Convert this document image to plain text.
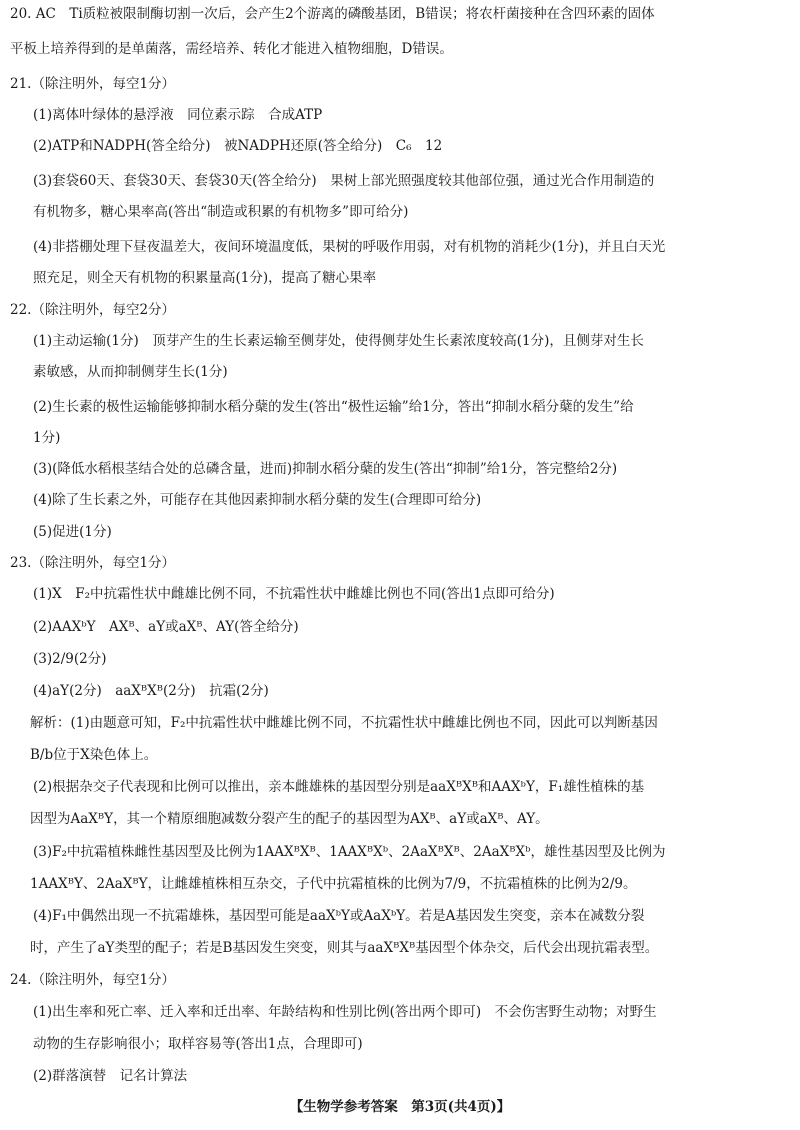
20. AC　Ti质粒被限制酶切割一次后，会产生2个游离的磷酸基团，B错误；将农杆菌接种在含四环素的固体
平板上培养得到的是单菌落，需经培养、转化才能进入植物细胞，D错误。
21.（除注明外，每空1分）
(1)离体叶绿体的悬浮液　同位素示踪　合成ATP
(2)ATP和NADPH(答全给分)　被NADPH还原(答全给分)　C₆　12
(3)套袋60天、套袋30天、套袋30天(答全给分)　果树上部光照强度较其他部位强，通过光合作用制造的
有机物多，糖心果率高(答出“制造或积累的有机物多”即可给分)
(4)非搭棚处理下昼夜温差大，夜间环境温度低，果树的呼吸作用弱，对有机物的消耗少(1分)，并且白天光
照充足，则全天有机物的积累量高(1分)，提高了糖心果率
22.（除注明外，每空2分）
(1)主动运输(1分)　顶芽产生的生长素运输至侧芽处，使得侧芽处生长素浓度较高(1分)，且侧芽对生长
素敏感，从而抑制侧芽生长(1分)
(2)生长素的极性运输能够抑制水稻分蘖的发生(答出“极性运输”给1分，答出“抑制水稻分蘖的发生”给
1分)
(3)(降低水稻根茎结合处的总磷含量，进而)抑制水稻分蘖的发生(答出“抑制”给1分，答完整给2分)
(4)除了生长素之外，可能存在其他因素抑制水稻分蘖的发生(合理即可给分)
(5)促进(1分)
23.（除注明外，每空1分）
(1)X　F₂中抗霜性状中雌雄比例不同，不抗霜性状中雌雄比例也不同(答出1点即可给分)
(2)AAXᵇY　AXᴮ、aY或aXᴮ、AY(答全给分)
(3)2/9(2分)
(4)aY(2分)　aaXᴮXᴮ(2分)　抗霜(2分)
解析：(1)由题意可知，F₂中抗霜性状中雌雄比例不同，不抗霜性状中雌雄比例也不同，因此可以判断基因
B/b位于X染色体上。
(2)根据杂交子代表现和比例可以推出，亲本雌雄株的基因型分别是aaXᴮXᴮ和AAXᵇY，F₁雄性植株的基
因型为AaXᴮY，其一个精原细胞减数分裂产生的配子的基因型为AXᴮ、aY或aXᴮ、AY。
(3)F₂中抗霜植株雌性基因型及比例为1AAXᴮXᴮ、1AAXᴮXᵇ、2AaXᴮXᴮ、2AaXᴮXᵇ，雄性基因型及比例为
1AAXᴮY、2AaXᴮY，让雌雄植株相互杂交，子代中抗霜植株的比例为7/9，不抗霜植株的比例为2/9。
(4)F₁中偶然出现一不抗霜雄株，基因型可能是aaXᵇY或AaXᵇY。若是A基因发生突变，亲本在减数分裂
时，产生了aY类型的配子；若是B基因发生突变，则其与aaXᴮXᴮ基因型个体杂交，后代会出现抗霜表型。
24.（除注明外，每空1分）
(1)出生率和死亡率、迁入率和迁出率、年龄结构和性别比例(答出两个即可)　不会伤害野生动物；对野生
动物的生存影响很小；取样容易等(答出1点，合理即可)
(2)群落演替　记名计算法
【生物学参考答案　第3页(共4页)】
